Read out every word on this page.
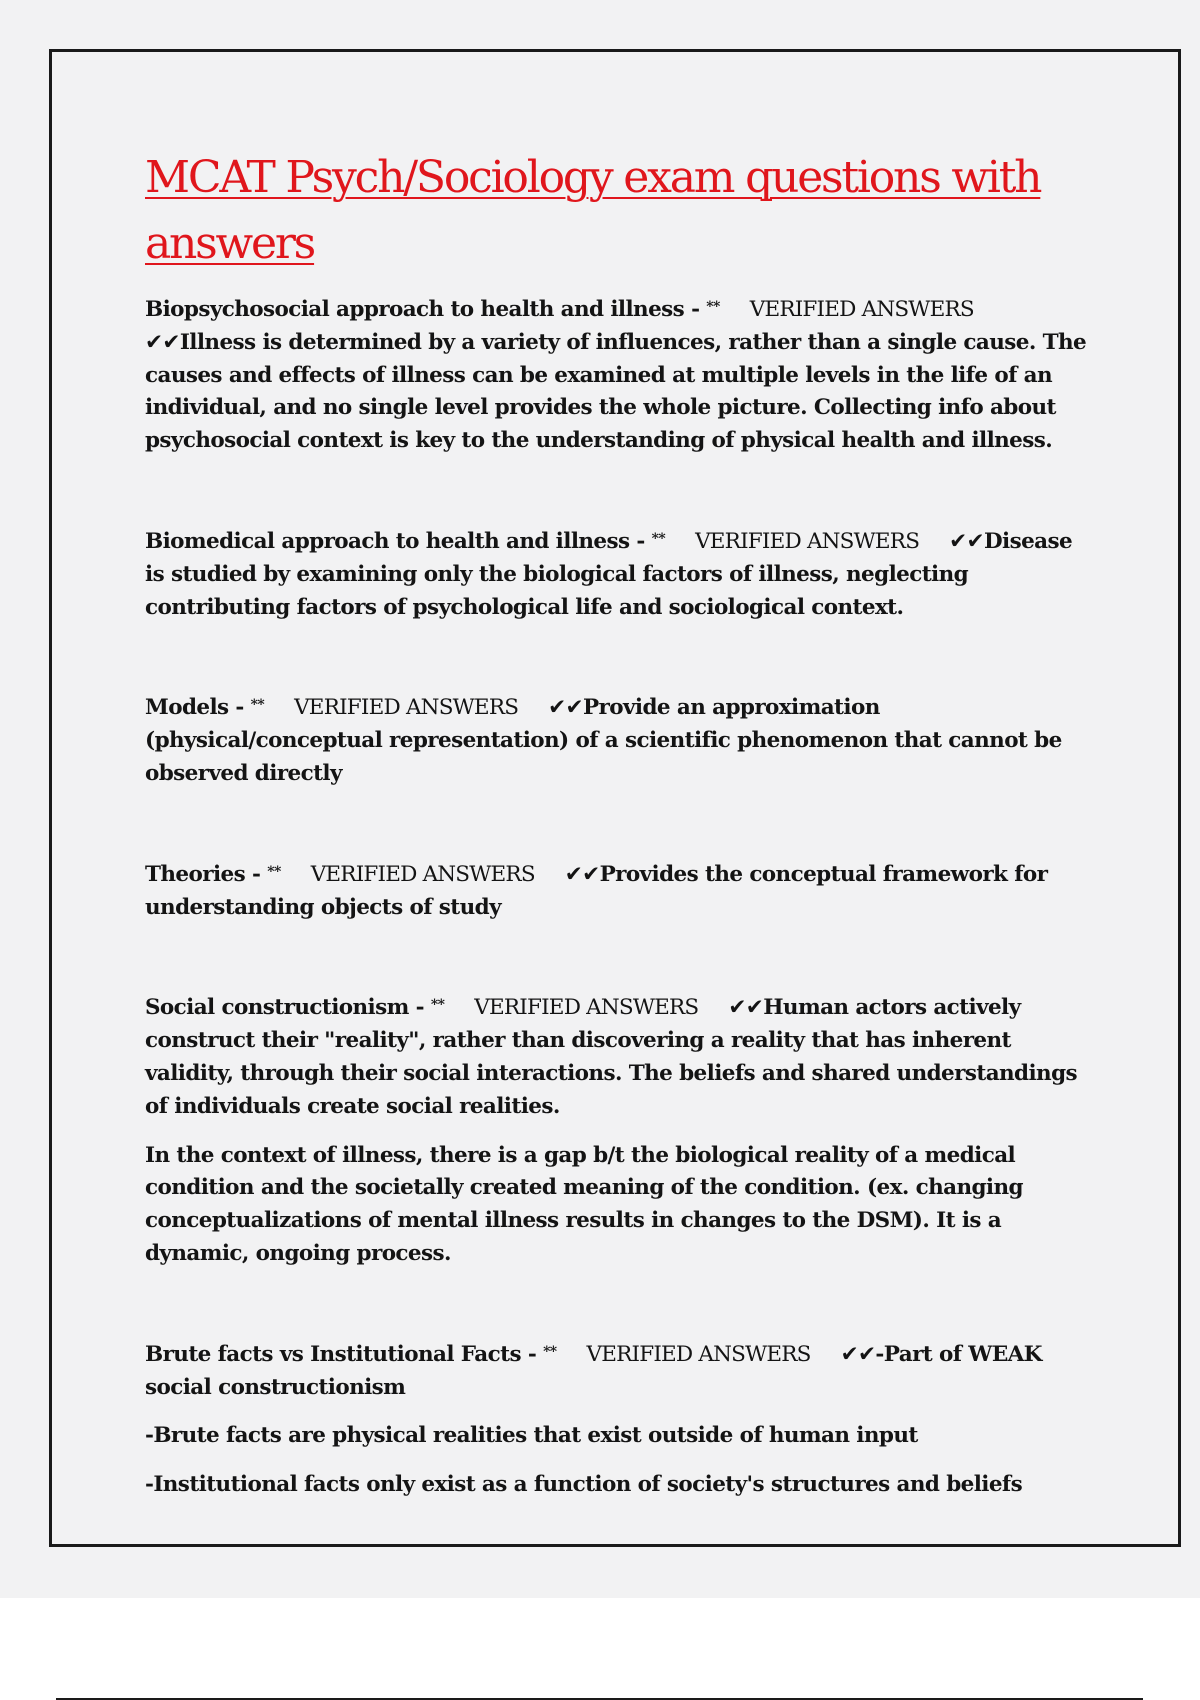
MCAT Psych/Sociology exam questions with answers

Biopsychosocial approach to health and illness - ** VERIFIED ANSWERS✔✔Illness is determined by a variety of influences, rather than a single cause. The causes and effects of illness can be examined at multiple levels in the life of an individual, and no single level provides the whole picture. Collecting info about psychosocial context is key to the understanding of physical health and illness.

Biomedical approach to health and illness - ** VERIFIED ANSWERS ✔✔Disease is studied by examining only the biological factors of illness, neglecting contributing factors of psychological life and sociological context.

Models - ** VERIFIED ANSWERS ✔✔Provide an approximation (physical/conceptual representation) of a scientific phenomenon that cannot be observed directly

Theories - ** VERIFIED ANSWERS ✔✔Provides the conceptual framework for understanding objects of study

Social constructionism - ** VERIFIED ANSWERS ✔✔Human actors actively construct their "reality", rather than discovering a reality that has inherent validity, through their social interactions. The beliefs and shared understandings of individuals create social realities.

In the context of illness, there is a gap b/t the biological reality of a medical condition and the societally created meaning of the condition. (ex. changing conceptualizations of mental illness results in changes to the DSM). It is a dynamic, ongoing process.

Brute facts vs Institutional Facts - ** VERIFIED ANSWERS ✔✔-Part of WEAK social constructionism

-Brute facts are physical realities that exist outside of human input

-Institutional facts only exist as a function of society's structures and beliefs
